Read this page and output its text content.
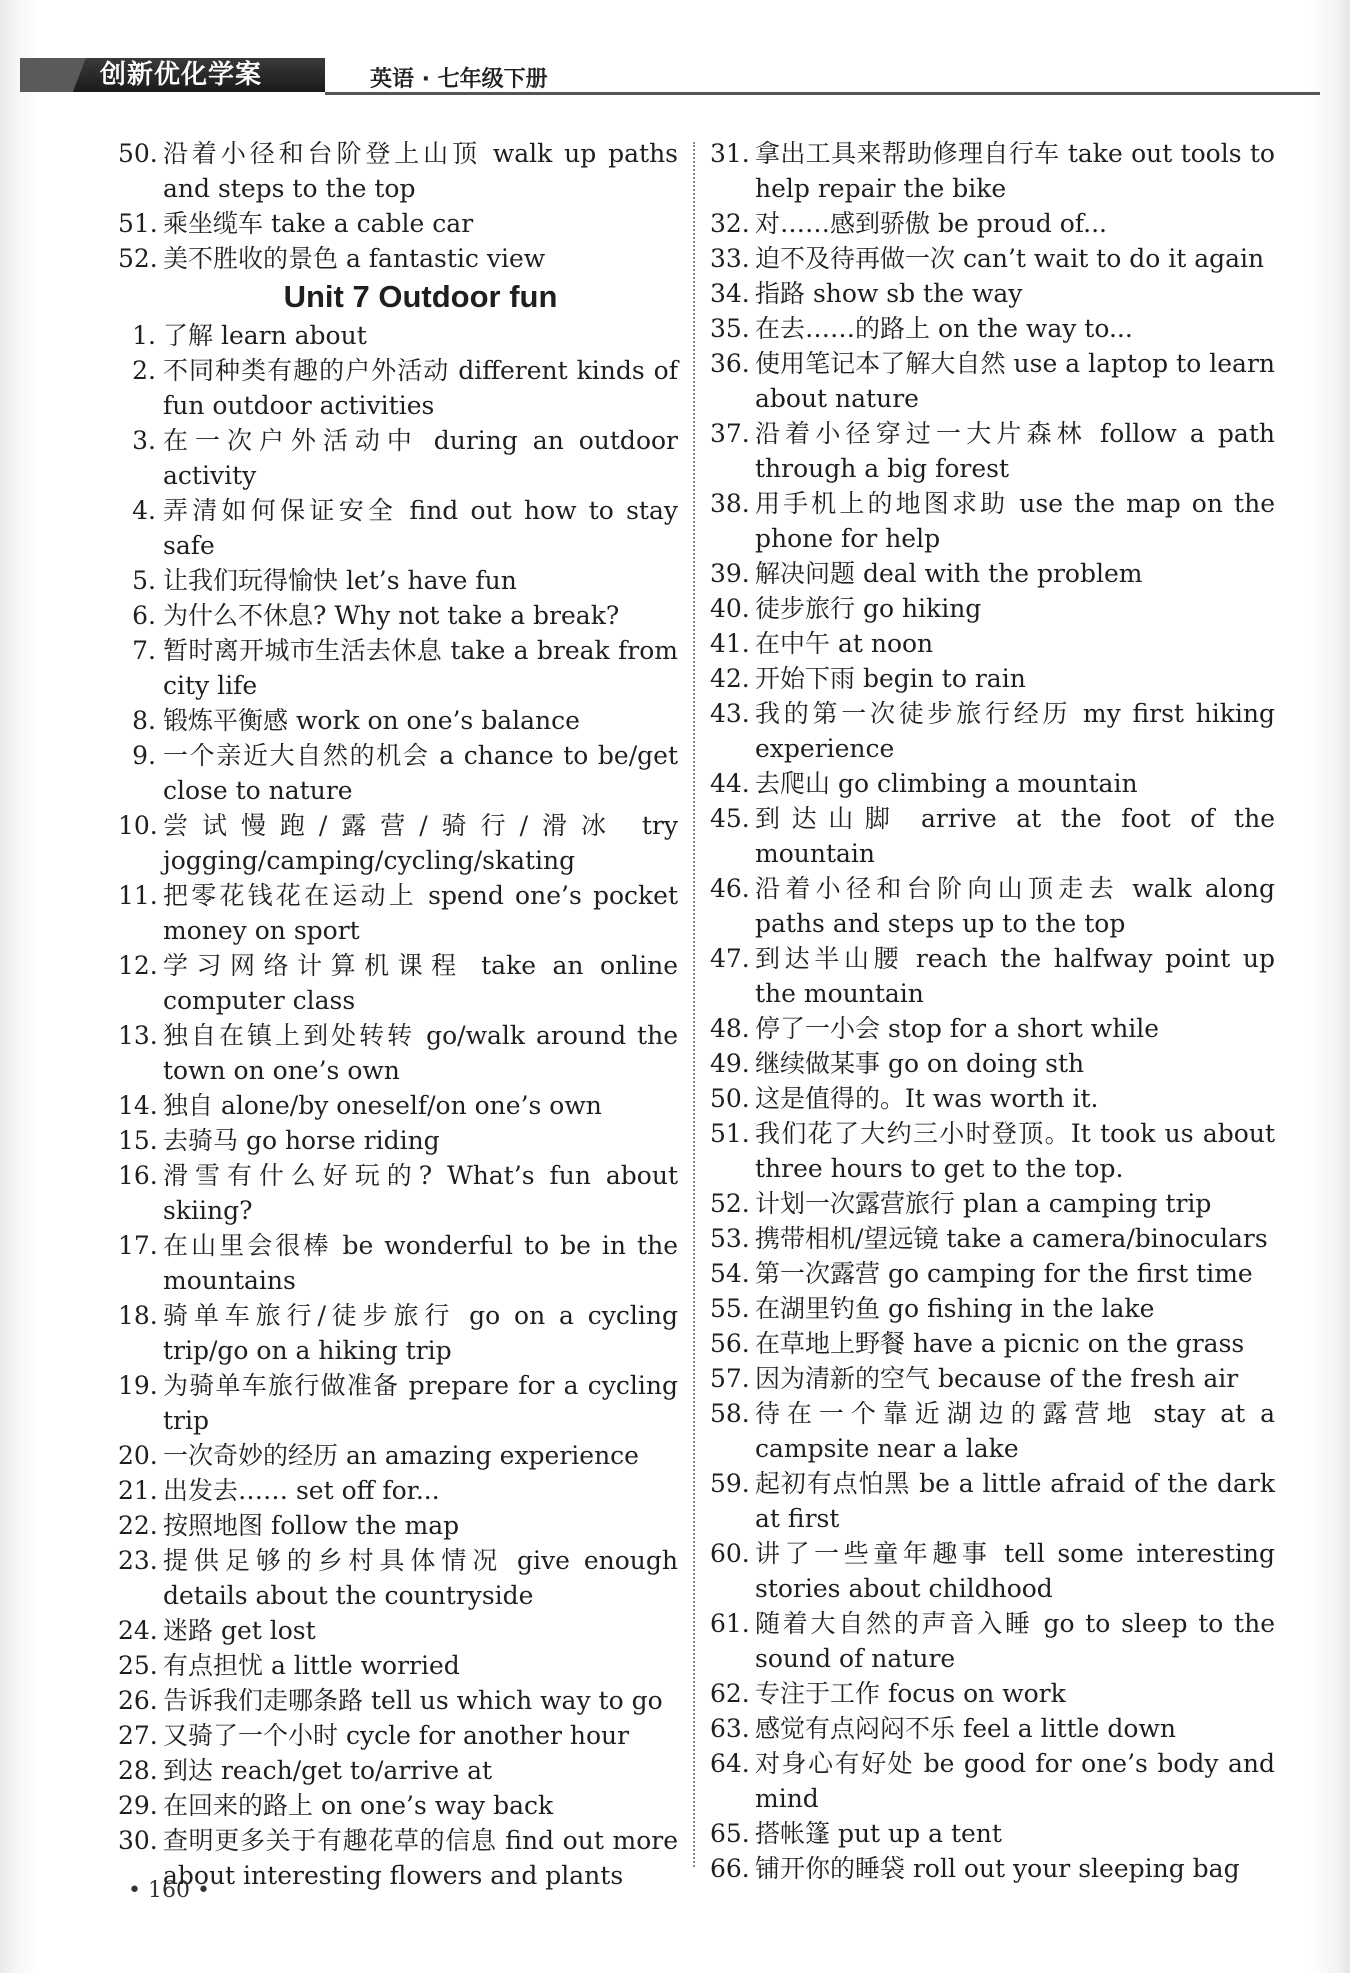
创新优化学案	英语 · 七年级下册
50. 沿着小径和台阶登上山顶 walk up paths and steps to the top
51. 乘坐缆车 take a cable car
52. 美不胜收的景色 a fantastic view
Unit 7 Outdoor fun
1. 了解 learn about
2. 不同种类有趣的户外活动 different kinds of fun outdoor activities
3. 在一次户外活动中 during an outdoor activity
4. 弄清如何保证安全 find out how to stay safe
5. 让我们玩得愉快 let’s have fun
6. 为什么不休息? Why not take a break?
7. 暂时离开城市生活去休息 take a break from city life
8. 锻炼平衡感 work on one’s balance
9. 一个亲近大自然的机会 a chance to be/get close to nature
10. 尝试慢跑/露营/骑行/滑冰 try jogging/camping/cycling/skating
11. 把零花钱花在运动上 spend one’s pocket money on sport
12. 学习网络计算机课程 take an online computer class
13. 独自在镇上到处转转 go/walk around the town on one’s own
14. 独自 alone/by oneself/on one’s own
15. 去骑马 go horse riding
16. 滑雪有什么好玩的? What’s fun about skiing?
17. 在山里会很棒 be wonderful to be in the mountains
18. 骑单车旅行/徒步旅行 go on a cycling trip/go on a hiking trip
19. 为骑单车旅行做准备 prepare for a cycling trip
20. 一次奇妙的经历 an amazing experience
21. 出发去…… set off for...
22. 按照地图 follow the map
23. 提供足够的乡村具体情况 give enough details about the countryside
24. 迷路 get lost
25. 有点担忧 a little worried
26. 告诉我们走哪条路 tell us which way to go
27. 又骑了一个小时 cycle for another hour
28. 到达 reach/get to/arrive at
29. 在回来的路上 on one’s way back
30. 查明更多关于有趣花草的信息 find out more about interesting flowers and plants
31. 拿出工具来帮助修理自行车 take out tools to help repair the bike
32. 对……感到骄傲 be proud of...
33. 迫不及待再做一次 can’t wait to do it again
34. 指路 show sb the way
35. 在去……的路上 on the way to...
36. 使用笔记本了解大自然 use a laptop to learn about nature
37. 沿着小径穿过一大片森林 follow a path through a big forest
38. 用手机上的地图求助 use the map on the phone for help
39. 解决问题 deal with the problem
40. 徒步旅行 go hiking
41. 在中午 at noon
42. 开始下雨 begin to rain
43. 我的第一次徒步旅行经历 my first hiking experience
44. 去爬山 go climbing a mountain
45. 到达山脚 arrive at the foot of the mountain
46. 沿着小径和台阶向山顶走去 walk along paths and steps up to the top
47. 到达半山腰 reach the halfway point up the mountain
48. 停了一小会 stop for a short while
49. 继续做某事 go on doing sth
50. 这是值得的。It was worth it.
51. 我们花了大约三小时登顶。It took us about three hours to get to the top.
52. 计划一次露营旅行 plan a camping trip
53. 携带相机/望远镜 take a camera/binoculars
54. 第一次露营 go camping for the first time
55. 在湖里钓鱼 go fishing in the lake
56. 在草地上野餐 have a picnic on the grass
57. 因为清新的空气 because of the fresh air
58. 待在一个靠近湖边的露营地 stay at a campsite near a lake
59. 起初有点怕黑 be a little afraid of the dark at first
60. 讲了一些童年趣事 tell some interesting stories about childhood
61. 随着大自然的声音入睡 go to sleep to the sound of nature
62. 专注于工作 focus on work
63. 感觉有点闷闷不乐 feel a little down
64. 对身心有好处 be good for one’s body and mind
65. 搭帐篷 put up a tent
66. 铺开你的睡袋 roll out your sleeping bag
• 160 •
